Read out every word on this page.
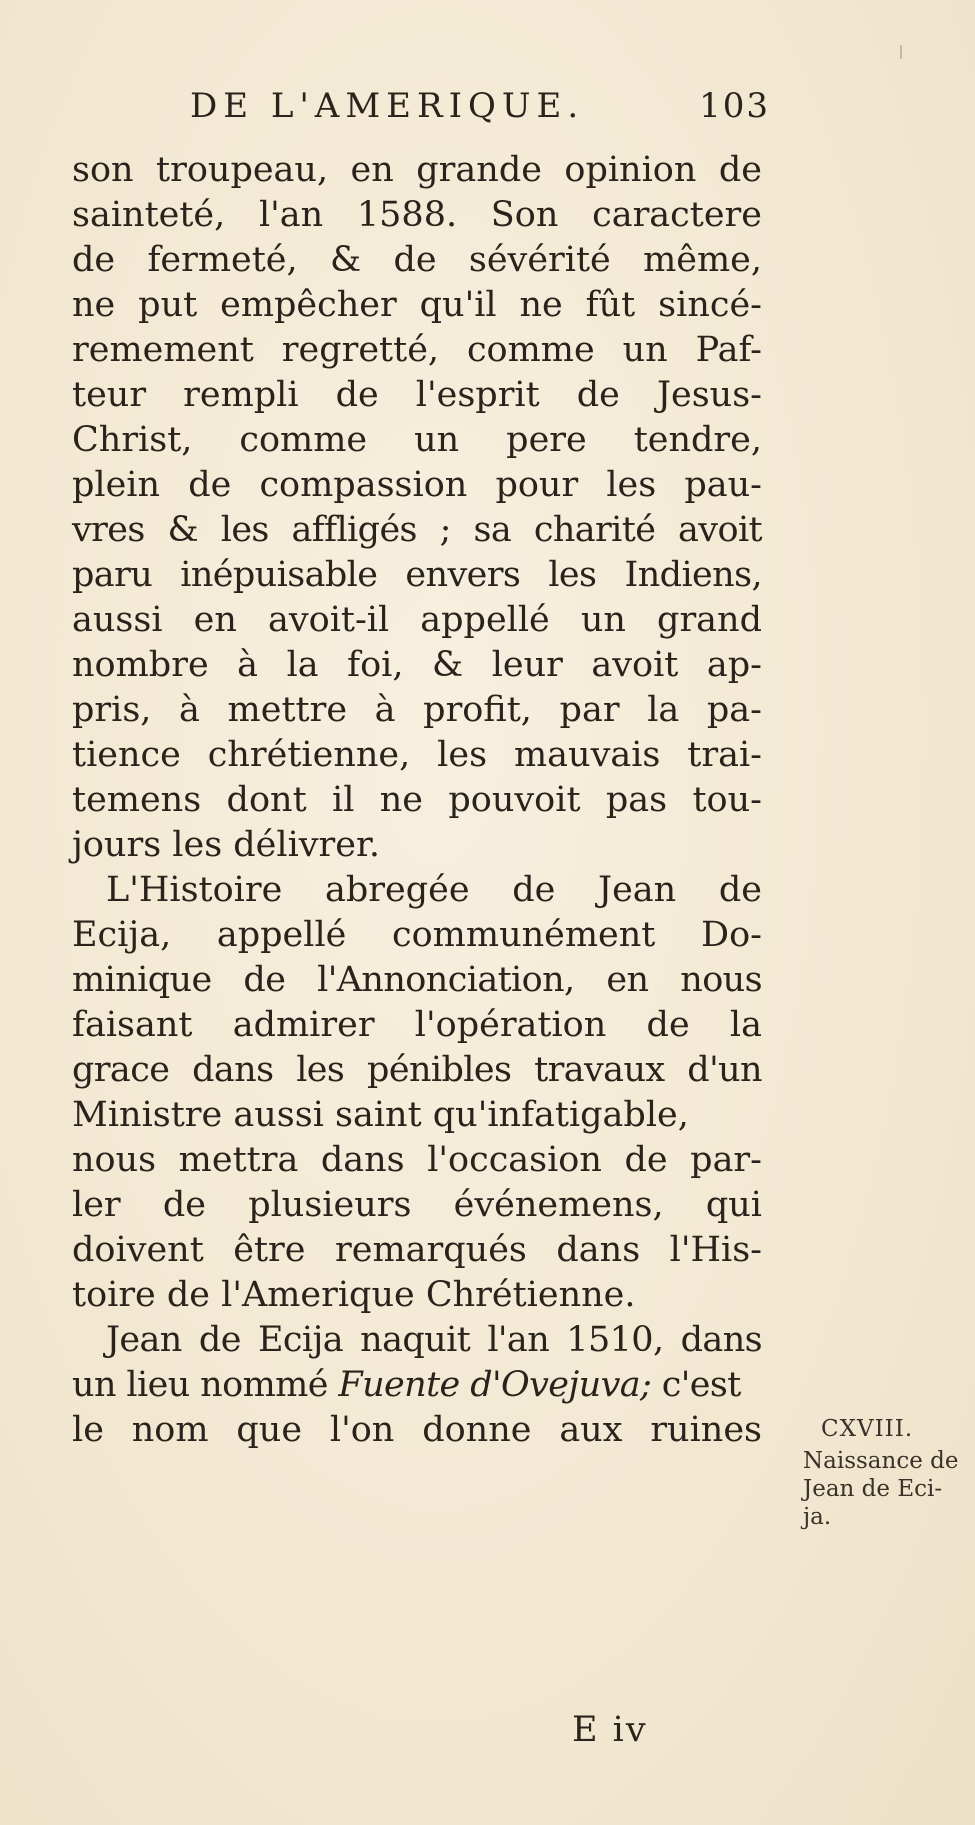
DE L'AMERIQUE.	103
son troupeau, en grande opinion de
sainteté, l'an 1588. Son caractere
de fermeté, & de sévérité même,
ne put empêcher qu'il ne fût sincé-
remement regretté, comme un Paf-
teur rempli de l'esprit de Jesus-
Christ, comme un pere tendre,
plein de compassion pour les pau-
vres & les affligés ; sa charité avoit
paru inépuisable envers les Indiens,
aussi en avoit-il appellé un grand
nombre à la foi, & leur avoit ap-
pris, à mettre à profit, par la pa-
tience chrétienne, les mauvais trai-
temens dont il ne pouvoit pas tou-
jours les délivrer.
L'Histoire abregée de Jean de
Ecija, appellé communément Do-
minique de l'Annonciation, en nous
faisant admirer l'opération de la
grace dans les pénibles travaux d'un
Ministre aussi saint qu'infatigable,
nous mettra dans l'occasion de par-
ler de plusieurs événemens, qui
doivent être remarqués dans l'His-
toire de l'Amerique Chrétienne.
Jean de Ecija naquit l'an 1510, dans
un lieu nommé Fuente d'Ovejuva; c'est
le nom que l'on donne aux ruines	CXVIII.
Naissance de
Jean de Eci-
ja.
E iv
